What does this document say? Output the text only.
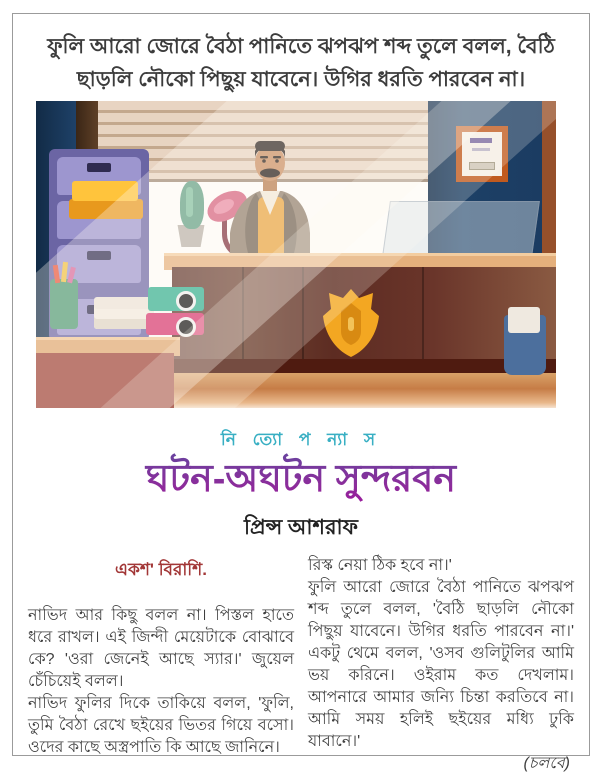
ফুলি আরো জোরে বৈঠা পানিতে ঝপঝপ শব্দ তুলে বলল, বৈঠি
ছাড়লি নৌকো পিছুয় যাবেনে। উগির ধরতি পারবেন না।
নি ত্যো প ন্যা স
ঘটন-অঘটন সুন্দরবন
প্রিন্স আশরাফ
একশ' বিরাশি.

নাভিদ আর কিছু বলল না। পিস্তল হাতে ধরে রাখল। এই জিন্দী মেয়েটাকে বোঝাবে কে? 'ওরা জেনেই আছে স্যার।' জুয়েল চেঁচিয়েই বলল।

নাভিদ ফুলির দিকে তাকিয়ে বলল, 'ফুলি, তুমি বৈঠা রেখে ছইয়ের ভিতর গিয়ে বসো। ওদের কাছে অস্ত্রপাতি কি আছে জানিনে।

রিস্ক নেয়া ঠিক হবে না।'

ফুলি আরো জোরে বৈঠা পানিতে ঝপঝপ শব্দ তুলে বলল, 'বৈঠি ছাড়লি নৌকো পিছুয় যাবেনে। উগির ধরতি পারবেন না।' একটু থেমে বলল, 'ওসব গুলিটুলির আমি ভয় করিনে। ওইরাম কত দেখলাম। আপনারে আমার জন্যি চিন্তা করতিবে না। আমি সময় হলিই ছইয়ের মধ্যি ঢুকি যাবানে।'

(চলবে)
